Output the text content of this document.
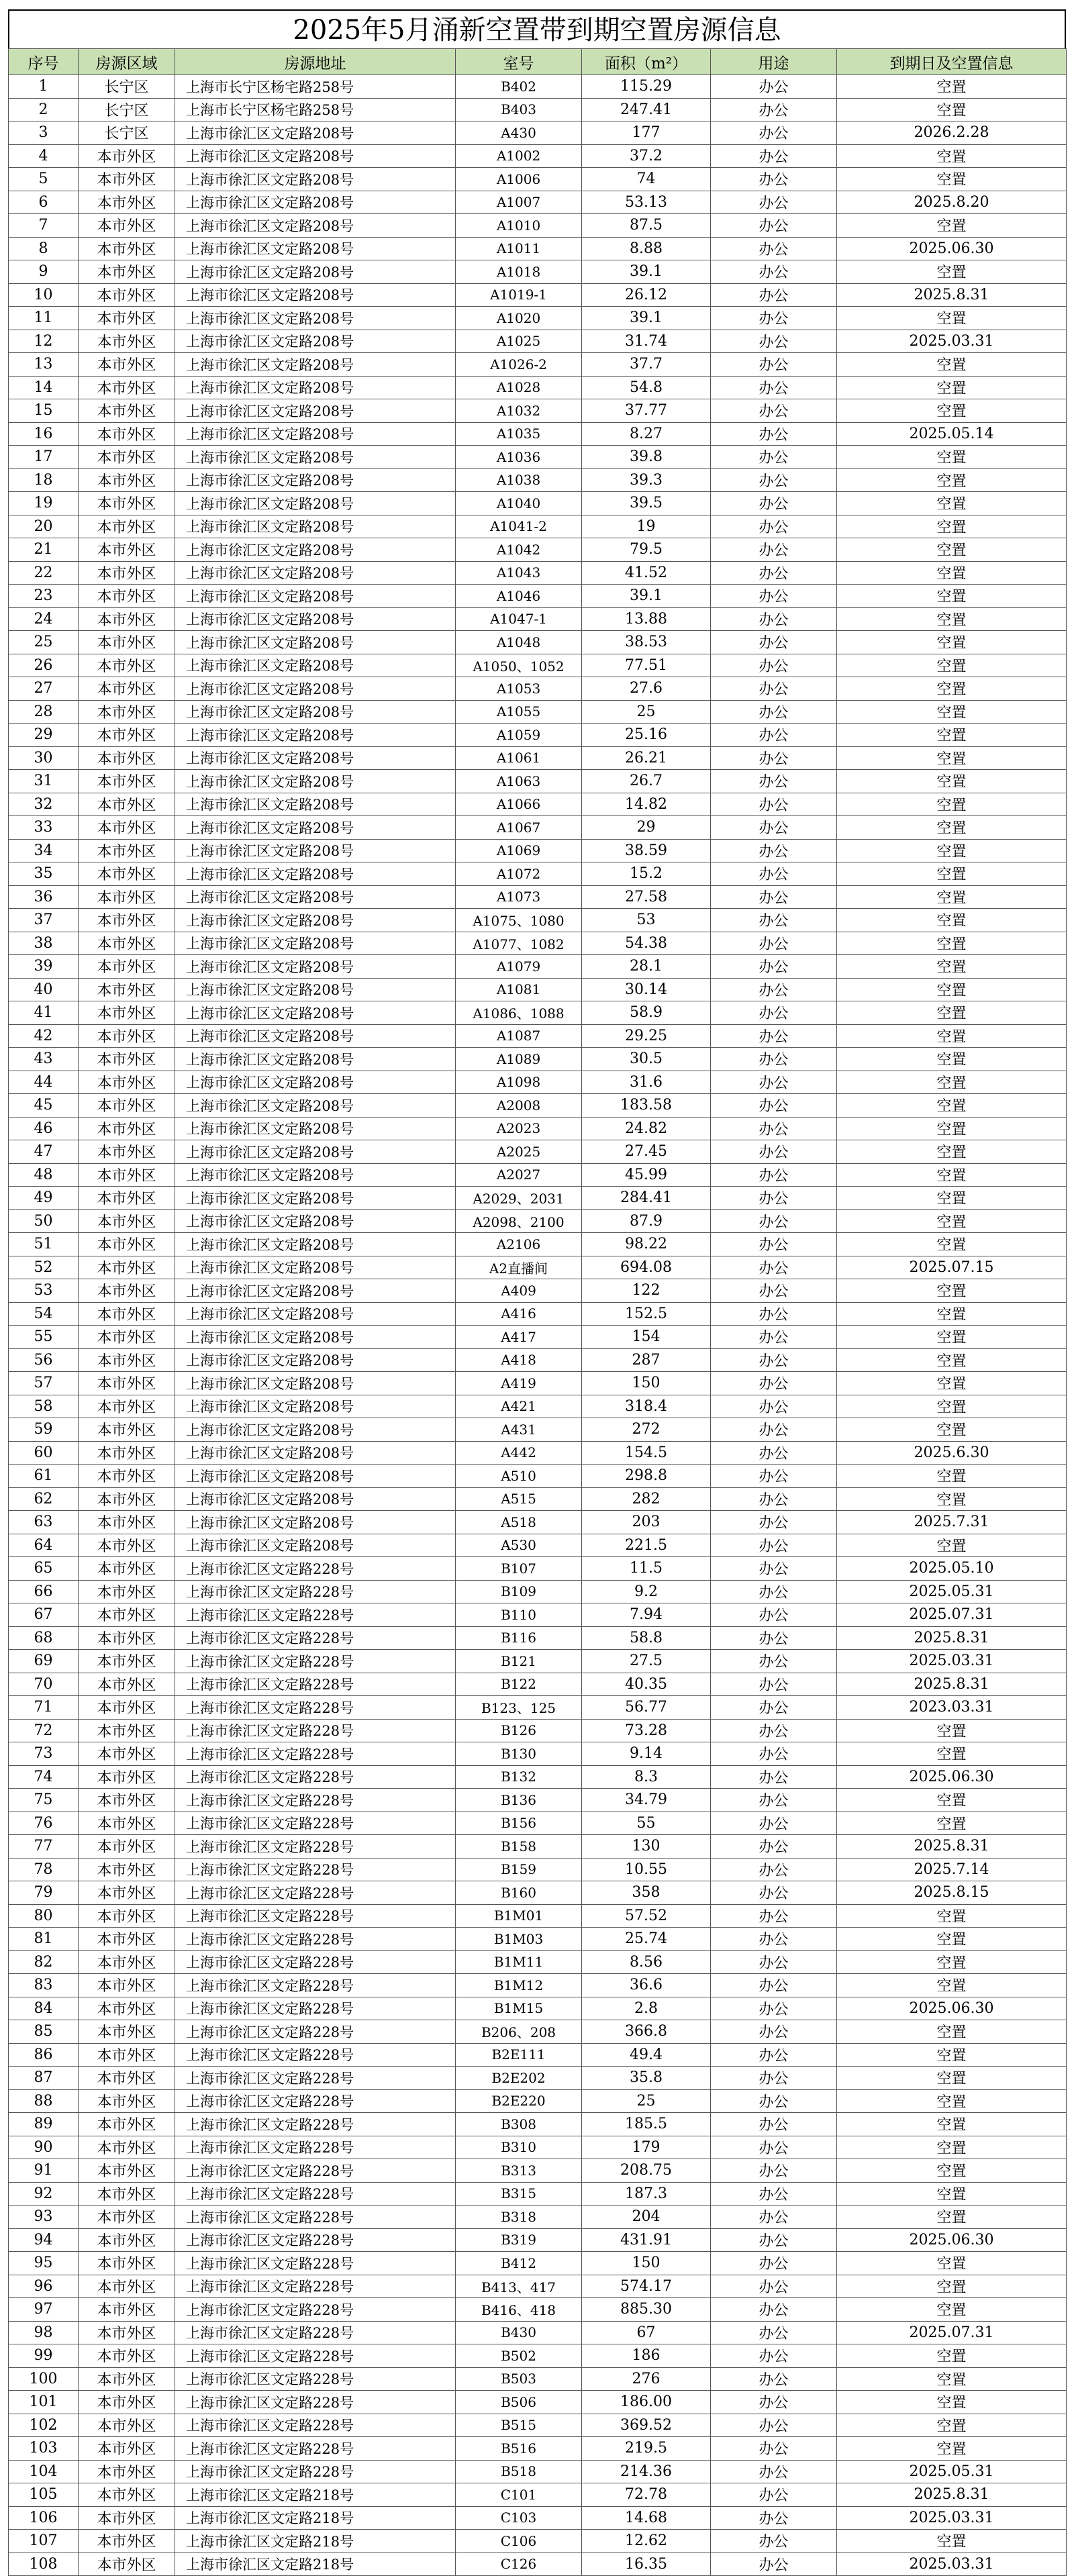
2025年5月涌新空置带到期空置房源信息
序号	房源区域	房源地址	室号	面积（m²）	用途	到期日及空置信息
1	长宁区	上海市长宁区杨宅路258号	B402	115.29	办公	空置
2	长宁区	上海市长宁区杨宅路258号	B403	247.41	办公	空置
3	长宁区	上海市徐汇区文定路208号	A430	177	办公	2026.2.28
4	本市外区	上海市徐汇区文定路208号	A1002	37.2	办公	空置
5	本市外区	上海市徐汇区文定路208号	A1006	74	办公	空置
6	本市外区	上海市徐汇区文定路208号	A1007	53.13	办公	2025.8.20
7	本市外区	上海市徐汇区文定路208号	A1010	87.5	办公	空置
8	本市外区	上海市徐汇区文定路208号	A1011	8.88	办公	2025.06.30
9	本市外区	上海市徐汇区文定路208号	A1018	39.1	办公	空置
10	本市外区	上海市徐汇区文定路208号	A1019-1	26.12	办公	2025.8.31
11	本市外区	上海市徐汇区文定路208号	A1020	39.1	办公	空置
12	本市外区	上海市徐汇区文定路208号	A1025	31.74	办公	2025.03.31
13	本市外区	上海市徐汇区文定路208号	A1026-2	37.7	办公	空置
14	本市外区	上海市徐汇区文定路208号	A1028	54.8	办公	空置
15	本市外区	上海市徐汇区文定路208号	A1032	37.77	办公	空置
16	本市外区	上海市徐汇区文定路208号	A1035	8.27	办公	2025.05.14
17	本市外区	上海市徐汇区文定路208号	A1036	39.8	办公	空置
18	本市外区	上海市徐汇区文定路208号	A1038	39.3	办公	空置
19	本市外区	上海市徐汇区文定路208号	A1040	39.5	办公	空置
20	本市外区	上海市徐汇区文定路208号	A1041-2	19	办公	空置
21	本市外区	上海市徐汇区文定路208号	A1042	79.5	办公	空置
22	本市外区	上海市徐汇区文定路208号	A1043	41.52	办公	空置
23	本市外区	上海市徐汇区文定路208号	A1046	39.1	办公	空置
24	本市外区	上海市徐汇区文定路208号	A1047-1	13.88	办公	空置
25	本市外区	上海市徐汇区文定路208号	A1048	38.53	办公	空置
26	本市外区	上海市徐汇区文定路208号	A1050、1052	77.51	办公	空置
27	本市外区	上海市徐汇区文定路208号	A1053	27.6	办公	空置
28	本市外区	上海市徐汇区文定路208号	A1055	25	办公	空置
29	本市外区	上海市徐汇区文定路208号	A1059	25.16	办公	空置
30	本市外区	上海市徐汇区文定路208号	A1061	26.21	办公	空置
31	本市外区	上海市徐汇区文定路208号	A1063	26.7	办公	空置
32	本市外区	上海市徐汇区文定路208号	A1066	14.82	办公	空置
33	本市外区	上海市徐汇区文定路208号	A1067	29	办公	空置
34	本市外区	上海市徐汇区文定路208号	A1069	38.59	办公	空置
35	本市外区	上海市徐汇区文定路208号	A1072	15.2	办公	空置
36	本市外区	上海市徐汇区文定路208号	A1073	27.58	办公	空置
37	本市外区	上海市徐汇区文定路208号	A1075、1080	53	办公	空置
38	本市外区	上海市徐汇区文定路208号	A1077、1082	54.38	办公	空置
39	本市外区	上海市徐汇区文定路208号	A1079	28.1	办公	空置
40	本市外区	上海市徐汇区文定路208号	A1081	30.14	办公	空置
41	本市外区	上海市徐汇区文定路208号	A1086、1088	58.9	办公	空置
42	本市外区	上海市徐汇区文定路208号	A1087	29.25	办公	空置
43	本市外区	上海市徐汇区文定路208号	A1089	30.5	办公	空置
44	本市外区	上海市徐汇区文定路208号	A1098	31.6	办公	空置
45	本市外区	上海市徐汇区文定路208号	A2008	183.58	办公	空置
46	本市外区	上海市徐汇区文定路208号	A2023	24.82	办公	空置
47	本市外区	上海市徐汇区文定路208号	A2025	27.45	办公	空置
48	本市外区	上海市徐汇区文定路208号	A2027	45.99	办公	空置
49	本市外区	上海市徐汇区文定路208号	A2029、2031	284.41	办公	空置
50	本市外区	上海市徐汇区文定路208号	A2098、2100	87.9	办公	空置
51	本市外区	上海市徐汇区文定路208号	A2106	98.22	办公	空置
52	本市外区	上海市徐汇区文定路208号	A2直播间	694.08	办公	2025.07.15
53	本市外区	上海市徐汇区文定路208号	A409	122	办公	空置
54	本市外区	上海市徐汇区文定路208号	A416	152.5	办公	空置
55	本市外区	上海市徐汇区文定路208号	A417	154	办公	空置
56	本市外区	上海市徐汇区文定路208号	A418	287	办公	空置
57	本市外区	上海市徐汇区文定路208号	A419	150	办公	空置
58	本市外区	上海市徐汇区文定路208号	A421	318.4	办公	空置
59	本市外区	上海市徐汇区文定路208号	A431	272	办公	空置
60	本市外区	上海市徐汇区文定路208号	A442	154.5	办公	2025.6.30
61	本市外区	上海市徐汇区文定路208号	A510	298.8	办公	空置
62	本市外区	上海市徐汇区文定路208号	A515	282	办公	空置
63	本市外区	上海市徐汇区文定路208号	A518	203	办公	2025.7.31
64	本市外区	上海市徐汇区文定路208号	A530	221.5	办公	空置
65	本市外区	上海市徐汇区文定路228号	B107	11.5	办公	2025.05.10
66	本市外区	上海市徐汇区文定路228号	B109	9.2	办公	2025.05.31
67	本市外区	上海市徐汇区文定路228号	B110	7.94	办公	2025.07.31
68	本市外区	上海市徐汇区文定路228号	B116	58.8	办公	2025.8.31
69	本市外区	上海市徐汇区文定路228号	B121	27.5	办公	2025.03.31
70	本市外区	上海市徐汇区文定路228号	B122	40.35	办公	2025.8.31
71	本市外区	上海市徐汇区文定路228号	B123、125	56.77	办公	2023.03.31
72	本市外区	上海市徐汇区文定路228号	B126	73.28	办公	空置
73	本市外区	上海市徐汇区文定路228号	B130	9.14	办公	空置
74	本市外区	上海市徐汇区文定路228号	B132	8.3	办公	2025.06.30
75	本市外区	上海市徐汇区文定路228号	B136	34.79	办公	空置
76	本市外区	上海市徐汇区文定路228号	B156	55	办公	空置
77	本市外区	上海市徐汇区文定路228号	B158	130	办公	2025.8.31
78	本市外区	上海市徐汇区文定路228号	B159	10.55	办公	2025.7.14
79	本市外区	上海市徐汇区文定路228号	B160	358	办公	2025.8.15
80	本市外区	上海市徐汇区文定路228号	B1M01	57.52	办公	空置
81	本市外区	上海市徐汇区文定路228号	B1M03	25.74	办公	空置
82	本市外区	上海市徐汇区文定路228号	B1M11	8.56	办公	空置
83	本市外区	上海市徐汇区文定路228号	B1M12	36.6	办公	空置
84	本市外区	上海市徐汇区文定路228号	B1M15	2.8	办公	2025.06.30
85	本市外区	上海市徐汇区文定路228号	B206、208	366.8	办公	空置
86	本市外区	上海市徐汇区文定路228号	B2E111	49.4	办公	空置
87	本市外区	上海市徐汇区文定路228号	B2E202	35.8	办公	空置
88	本市外区	上海市徐汇区文定路228号	B2E220	25	办公	空置
89	本市外区	上海市徐汇区文定路228号	B308	185.5	办公	空置
90	本市外区	上海市徐汇区文定路228号	B310	179	办公	空置
91	本市外区	上海市徐汇区文定路228号	B313	208.75	办公	空置
92	本市外区	上海市徐汇区文定路228号	B315	187.3	办公	空置
93	本市外区	上海市徐汇区文定路228号	B318	204	办公	空置
94	本市外区	上海市徐汇区文定路228号	B319	431.91	办公	2025.06.30
95	本市外区	上海市徐汇区文定路228号	B412	150	办公	空置
96	本市外区	上海市徐汇区文定路228号	B413、417	574.17	办公	空置
97	本市外区	上海市徐汇区文定路228号	B416、418	885.30	办公	空置
98	本市外区	上海市徐汇区文定路228号	B430	67	办公	2025.07.31
99	本市外区	上海市徐汇区文定路228号	B502	186	办公	空置
100	本市外区	上海市徐汇区文定路228号	B503	276	办公	空置
101	本市外区	上海市徐汇区文定路228号	B506	186.00	办公	空置
102	本市外区	上海市徐汇区文定路228号	B515	369.52	办公	空置
103	本市外区	上海市徐汇区文定路228号	B516	219.5	办公	空置
104	本市外区	上海市徐汇区文定路228号	B518	214.36	办公	2025.05.31
105	本市外区	上海市徐汇区文定路218号	C101	72.78	办公	2025.8.31
106	本市外区	上海市徐汇区文定路218号	C103	14.68	办公	2025.03.31
107	本市外区	上海市徐汇区文定路218号	C106	12.62	办公	空置
108	本市外区	上海市徐汇区文定路218号	C126	16.35	办公	2025.03.31
